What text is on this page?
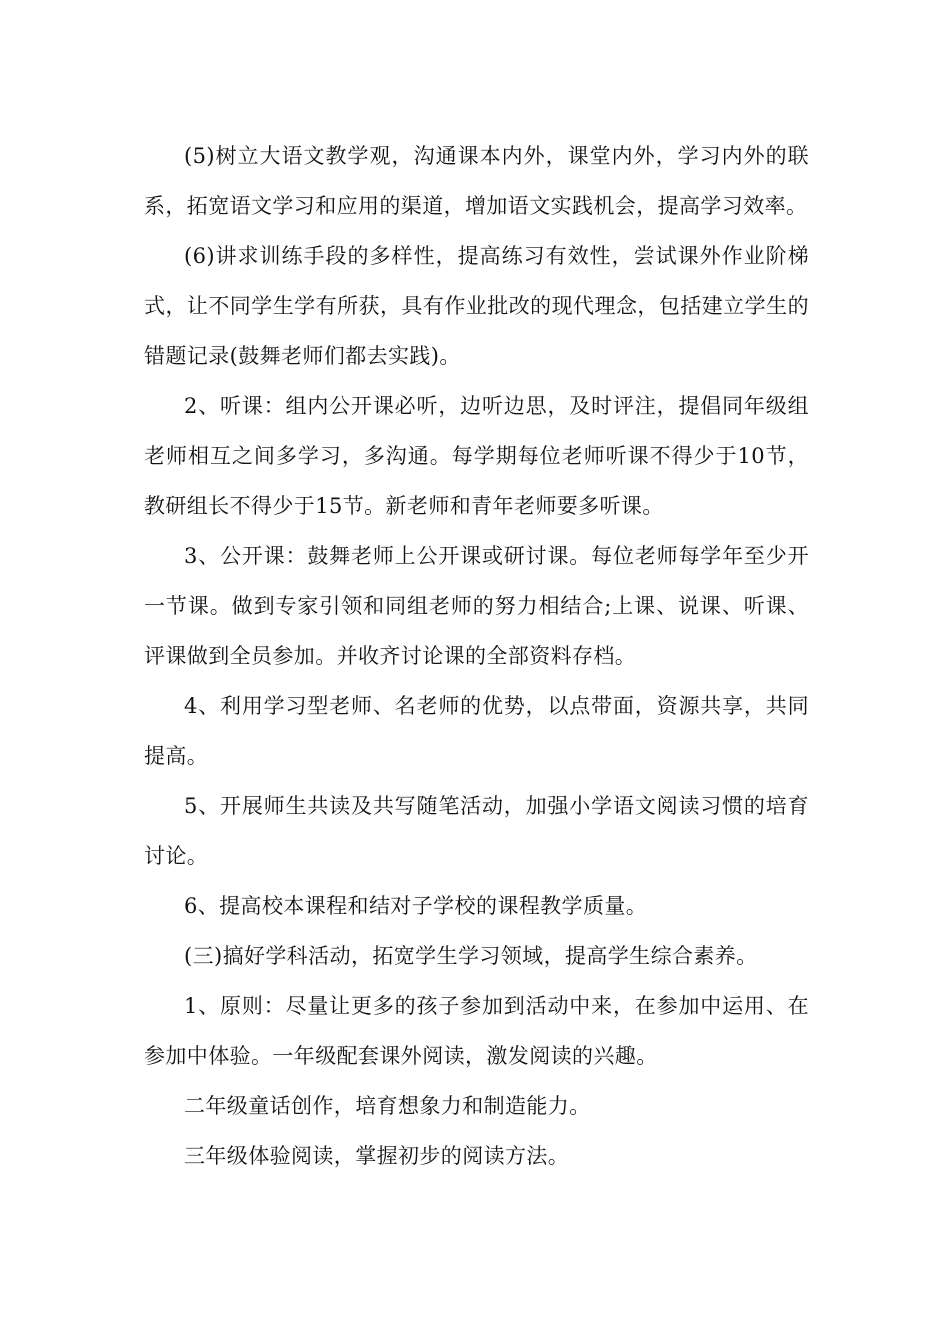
(5)树立大语文教学观，沟通课本内外，课堂内外，学习内外的联系，拓宽语文学习和应用的渠道，增加语文实践机会，提高学习效率。

(6)讲求训练手段的多样性，提高练习有效性，尝试课外作业阶梯式，让不同学生学有所获，具有作业批改的现代理念，包括建立学生的错题记录(鼓舞老师们都去实践)。

2、听课：组内公开课必听，边听边思，及时评注，提倡同年级组老师相互之间多学习，多沟通。每学期每位老师听课不得少于10节，教研组长不得少于15节。新老师和青年老师要多听课。

3、公开课：鼓舞老师上公开课或研讨课。每位老师每学年至少开一节课。做到专家引领和同组老师的努力相结合;上课、说课、听课、评课做到全员参加。并收齐讨论课的全部资料存档。

4、利用学习型老师、名老师的优势，以点带面，资源共享，共同提高。

5、开展师生共读及共写随笔活动，加强小学语文阅读习惯的培育讨论。

6、提高校本课程和结对子学校的课程教学质量。

(三)搞好学科活动，拓宽学生学习领域，提高学生综合素养。

1、原则：尽量让更多的孩子参加到活动中来，在参加中运用、在参加中体验。一年级配套课外阅读，激发阅读的兴趣。

二年级童话创作，培育想象力和制造能力。

三年级体验阅读，掌握初步的阅读方法。
